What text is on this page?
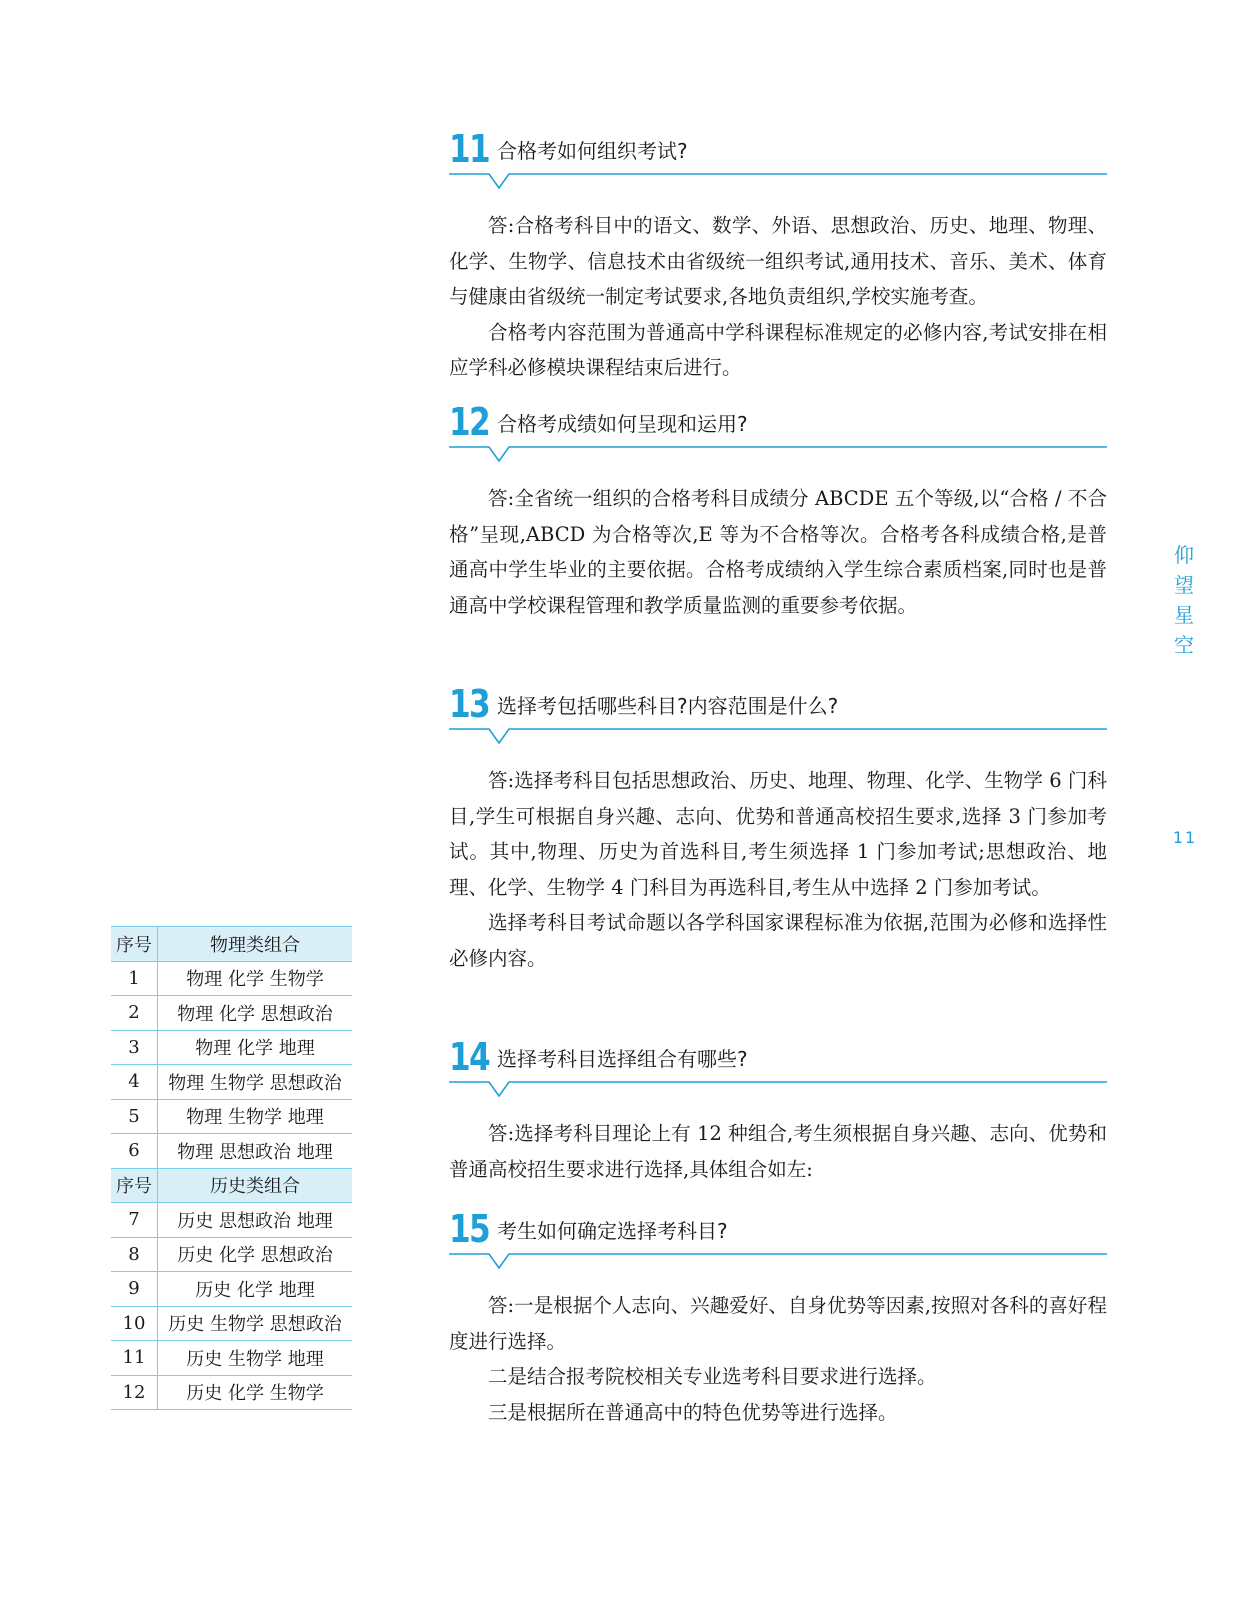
11 合格考如何组织考试?

答:合格考科目中的语文、数学、外语、思想政治、历史、地理、物理、化学、生物学、信息技术由省级统一组织考试,通用技术、音乐、美术、体育与健康由省级统一制定考试要求,各地负责组织,学校实施考查。

合格考内容范围为普通高中学科课程标准规定的必修内容,考试安排在相应学科必修模块课程结束后进行。

12 合格考成绩如何呈现和运用?

答:全省统一组织的合格考科目成绩分 ABCDE 五个等级,以“合格 / 不合格”呈现,ABCD 为合格等次,E 等为不合格等次。合格考各科成绩合格,是普通高中学生毕业的主要依据。合格考成绩纳入学生综合素质档案,同时也是普通高中学校课程管理和教学质量监测的重要参考依据。

13 选择考包括哪些科目?内容范围是什么?

答:选择考科目包括思想政治、历史、地理、物理、化学、生物学 6 门科目,学生可根据自身兴趣、志向、优势和普通高校招生要求,选择 3 门参加考试。其中,物理、历史为首选科目,考生须选择 1 门参加考试;思想政治、地理、化学、生物学 4 门科目为再选科目,考生从中选择 2 门参加考试。

选择考科目考试命题以各学科国家课程标准为依据,范围为必修和选择性必修内容。

14 选择考科目选择组合有哪些?

答:选择考科目理论上有 12 种组合,考生须根据自身兴趣、志向、优势和普通高校招生要求进行选择,具体组合如左:

15 考生如何确定选择考科目?

答:一是根据个人志向、兴趣爱好、自身优势等因素,按照对各科的喜好程度进行选择。

二是结合报考院校相关专业选考科目要求进行选择。

三是根据所在普通高中的特色优势等进行选择。

仰
望
星
空
11
序号	物理类组合
1	物理 化学 生物学
2	物理 化学 思想政治
3	物理 化学 地理
4	物理 生物学 思想政治
5	物理 生物学 地理
6	物理 思想政治 地理
序号	历史类组合
7	历史 思想政治 地理
8	历史 化学 思想政治
9	历史 化学 地理
10	历史 生物学 思想政治
11	历史 生物学 地理
12	历史 化学 生物学
